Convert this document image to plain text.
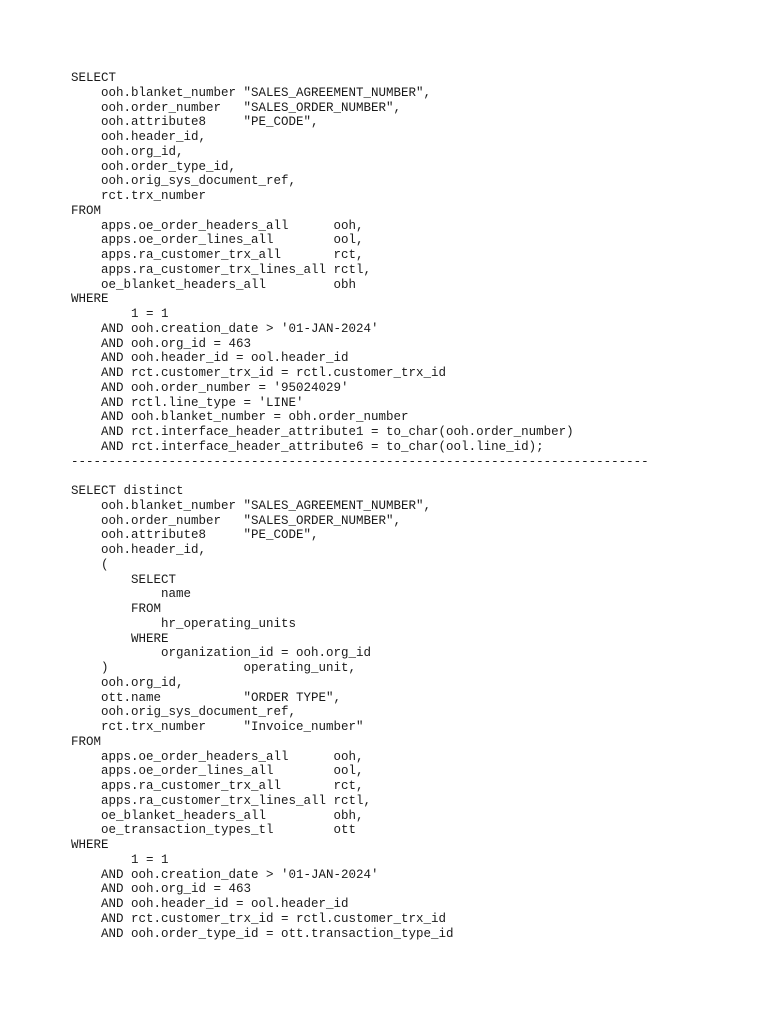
SELECT
ooh.blanket_number "SALES_AGREEMENT_NUMBER",
ooh.order_number   "SALES_ORDER_NUMBER",
ooh.attribute8     "PE_CODE",
ooh.header_id,
ooh.org_id,
ooh.order_type_id,
ooh.orig_sys_document_ref,
rct.trx_number
FROM
apps.oe_order_headers_all      ooh,
apps.oe_order_lines_all        ool,
apps.ra_customer_trx_all       rct,
apps.ra_customer_trx_lines_all rctl,
oe_blanket_headers_all         obh
WHERE
1 = 1
AND ooh.creation_date > '01-JAN-2024'
AND ooh.org_id = 463
AND ooh.header_id = ool.header_id
AND rct.customer_trx_id = rctl.customer_trx_id
AND ooh.order_number = '95024029'
AND rctl.line_type = 'LINE'
AND ooh.blanket_number = obh.order_number
AND rct.interface_header_attribute1 = to_char(ooh.order_number)
AND rct.interface_header_attribute6 = to_char(ool.line_id);
-----------------------------------------------------------------------------
SELECT distinct
ooh.blanket_number "SALES_AGREEMENT_NUMBER",
ooh.order_number   "SALES_ORDER_NUMBER",
ooh.attribute8     "PE_CODE",
ooh.header_id,
(
SELECT
name
FROM
hr_operating_units
WHERE
organization_id = ooh.org_id
)                  operating_unit,
ooh.org_id,
ott.name           "ORDER TYPE",
ooh.orig_sys_document_ref,
rct.trx_number     "Invoice_number"
FROM
apps.oe_order_headers_all      ooh,
apps.oe_order_lines_all        ool,
apps.ra_customer_trx_all       rct,
apps.ra_customer_trx_lines_all rctl,
oe_blanket_headers_all         obh,
oe_transaction_types_tl        ott
WHERE
1 = 1
AND ooh.creation_date > '01-JAN-2024'
AND ooh.org_id = 463
AND ooh.header_id = ool.header_id
AND rct.customer_trx_id = rctl.customer_trx_id
AND ooh.order_type_id = ott.transaction_type_id
